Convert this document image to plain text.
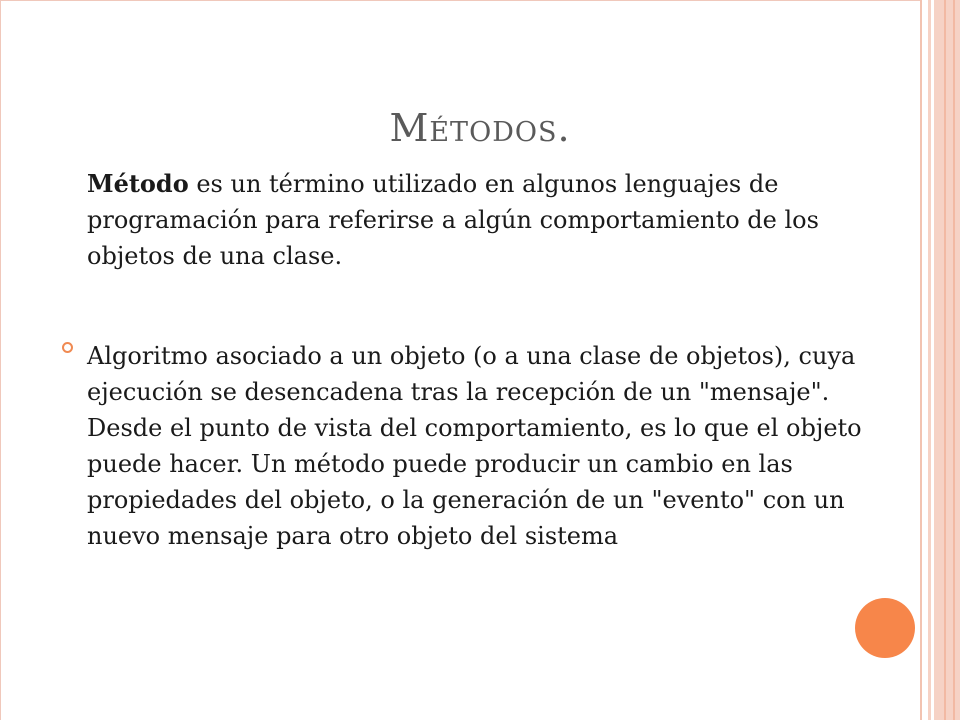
Métodos.
Método es un término utilizado en algunos lenguajes de programación para referirse a algún comportamiento de los objetos de una clase.
Algoritmo asociado a un objeto (o a una clase de objetos), cuya ejecución se desencadena tras la recepción de un "mensaje". Desde el punto de vista del comportamiento, es lo que el objeto puede hacer. Un método puede producir un cambio en las propiedades del objeto, o la generación de un "evento" con un nuevo mensaje para otro objeto del sistema
